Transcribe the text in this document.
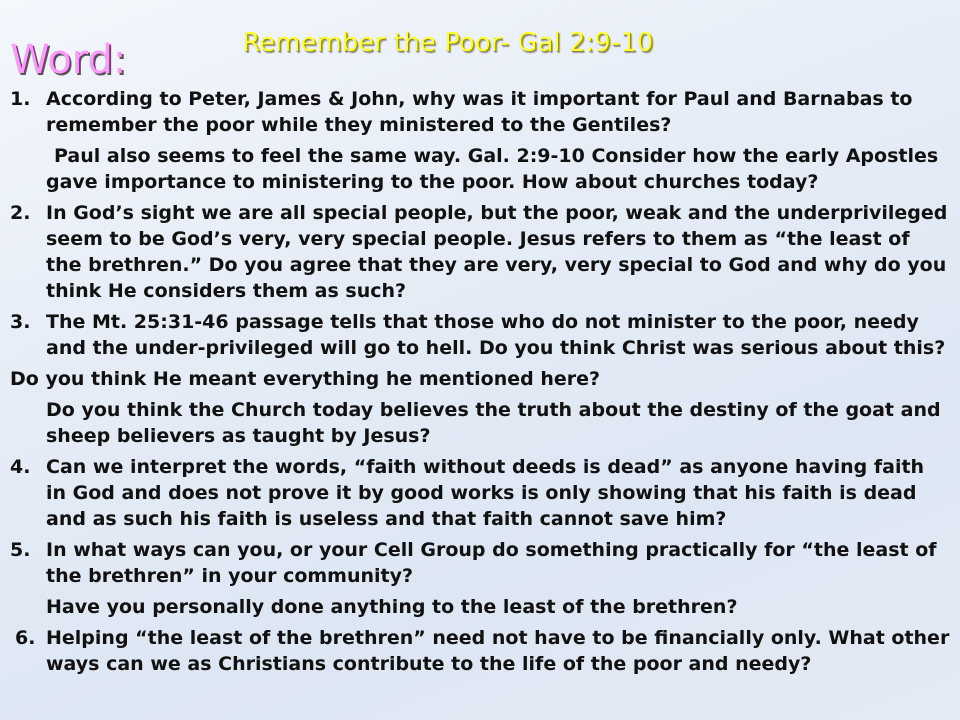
Word:	Remember the Poor- Gal 2:9-10
1. According to Peter, James & John, why was it important for Paul and Barnabas to remember the poor while they ministered to the Gentiles?
Paul also seems to feel the same way. Gal. 2:9-10 Consider how the early Apostles gave importance to ministering to the poor. How about churches today?
2. In God’s sight we are all special people, but the poor, weak and the underprivileged seem to be God’s very, very special people. Jesus refers to them as “the least of the brethren.” Do you agree that they are very, very special to God and why do you think He considers them as such?
3. The Mt. 25:31-46 passage tells that those who do not minister to the poor, needy and the under-privileged will go to hell. Do you think Christ was serious about this?
Do you think He meant everything he mentioned here?
Do you think the Church today believes the truth about the destiny of the goat and sheep believers as taught by Jesus?
4. Can we interpret the words, “faith without deeds is dead” as anyone having faith in God and does not prove it by good works is only showing that his faith is dead and as such his faith is useless and that faith cannot save him?
5. In what ways can you, or your Cell Group do something practically for “the least of the brethren” in your community?
Have you personally done anything to the least of the brethren?
6. Helping “the least of the brethren” need not have to be financially only. What other ways can we as Christians contribute to the life of the poor and needy?
